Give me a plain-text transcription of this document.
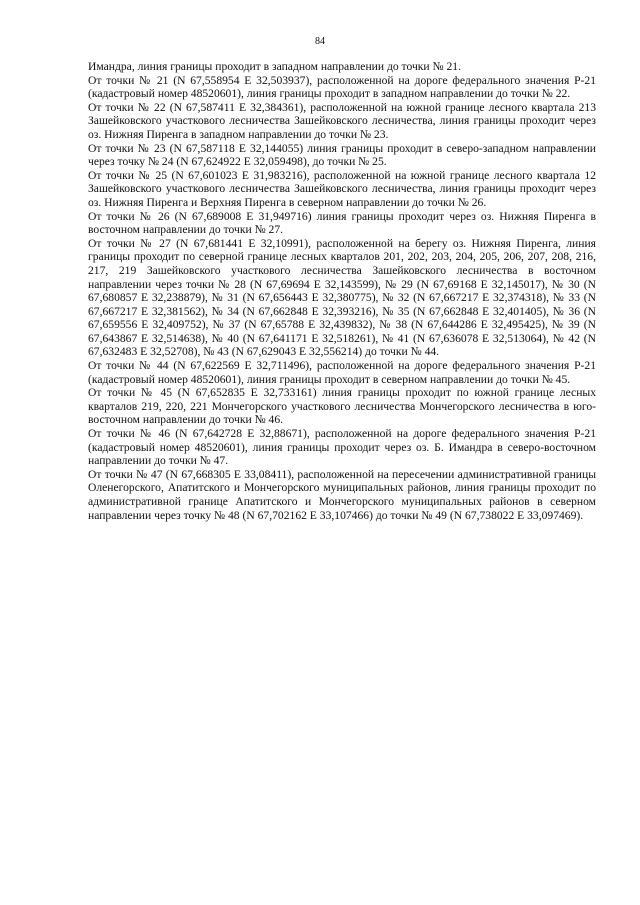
84

Имандра, линия границы проходит в западном направлении до точки № 21.

От точки № 21 (N 67,558954 E 32,503937), расположенной на дороге федерального значения Р-21 (кадастровый номер 48520601), линия границы проходит в западном направлении до точки № 22.

От точки № 22 (N 67,587411 E 32,384361), расположенной на южной границе лесного квартала 213 Зашейковского участкового лесничества Зашейковского лесничества, линия границы проходит через оз. Нижняя Пиренга в западном направлении до точки № 23.

От точки № 23 (N 67,587118 E 32,144055) линия границы проходит в северо-западном направлении через точку № 24 (N 67,624922 E 32,059498), до точки № 25.

От точки № 25 (N 67,601023 E 31,983216), расположенной на южной границе лесного квартала 12 Зашейковского участкового лесничества Зашейковского лесничества, линия границы проходит через оз. Нижняя Пиренга и Верхняя Пиренга в северном направлении до точки № 26.

От точки № 26 (N 67,689008 E 31,949716) линия границы проходит через оз. Нижняя Пиренга в восточном направлении до точки № 27.

От точки № 27 (N 67,681441 E 32,10991), расположенной на берегу оз. Нижняя Пиренга, линия границы проходит по северной границе лесных кварталов 201, 202, 203, 204, 205, 206, 207, 208, 216, 217, 219 Зашейковского участкового лесничества Зашейковского лесничества в восточном направлении через точки № 28 (N 67,69694 E 32,143599), № 29 (N 67,69168 E 32,145017), № 30 (N 67,680857 E 32,238879), № 31 (N 67,656443 E 32,380775), № 32 (N 67,667217 E 32,374318), № 33 (N 67,667217 E 32,381562), № 34 (N 67,662848 E 32,393216), № 35 (N 67,662848 E 32,401405), № 36 (N 67,659556 E 32,409752), № 37 (N 67,65788 E 32,439832), № 38 (N 67,644286 E 32,495425), № 39 (N 67,643867 E 32,514638), № 40 (N 67,641171 E 32,518261), № 41 (N 67,636078 E 32,513064), № 42 (N 67,632483 E 32,52708), № 43 (N 67,629043 E 32,556214) до точки № 44.

От точки № 44 (N 67,622569 E 32,711496), расположенной на дороге федерального значения Р-21 (кадастровый номер 48520601), линия границы проходит в северном направлении до точки № 45.

От точки № 45 (N 67,652835 E 32,733161) линия границы проходит по южной границе лесных кварталов 219, 220, 221 Мончегорского участкового лесничества Мончегорского лесничества в юго-восточном направлении до точки № 46.

От точки № 46 (N 67,642728 E 32,88671), расположенной на дороге федерального значения Р-21 (кадастровый номер 48520601), линия границы проходит через оз. Б. Имандра в северо-восточном направлении до точки № 47.

От точки № 47 (N 67,668305 E 33,08411), расположенной на пересечении административной границы Оленегорского, Апатитского и Мончегорского муниципальных районов, линия границы проходит по административной границе Апатитского и Мончегорского муниципальных районов в северном направлении через точку № 48 (N 67,702162 E 33,107466) до точки № 49 (N 67,738022 E 33,097469).
